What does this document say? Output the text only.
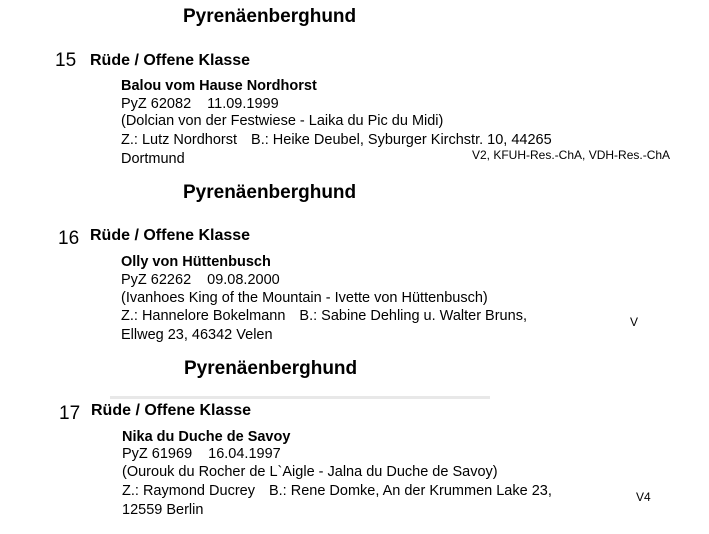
Pyrenäenberghund
15 Rüde / Offene Klasse
Balou vom Hause Nordhorst
PyZ 62082 11.09.1999
(Dolcian von der Festwiese - Laika du Pic du Midi)
Z.: Lutz Nordhorst B.: Heike Deubel, Syburger Kirchstr. 10, 44265
Dortmund	V2, KFUH-Res.-ChA, VDH-Res.-ChA
Pyrenäenberghund
16 Rüde / Offene Klasse
Olly von Hüttenbusch
PyZ 62262 09.08.2000
(Ivanhoes King of the Mountain - Ivette von Hüttenbusch)
Z.: Hannelore Bokelmann B.: Sabine Dehling u. Walter Bruns,
Ellweg 23, 46342 Velen
V
Pyrenäenberghund
17 Rüde / Offene Klasse
Nika du Duche de Savoy
PyZ 61969 16.04.1997
(Ourouk du Rocher de L`Aigle - Jalna du Duche de Savoy)
Z.: Raymond Ducrey B.: Rene Domke, An der Krummen Lake 23,
12559 Berlin
V4
